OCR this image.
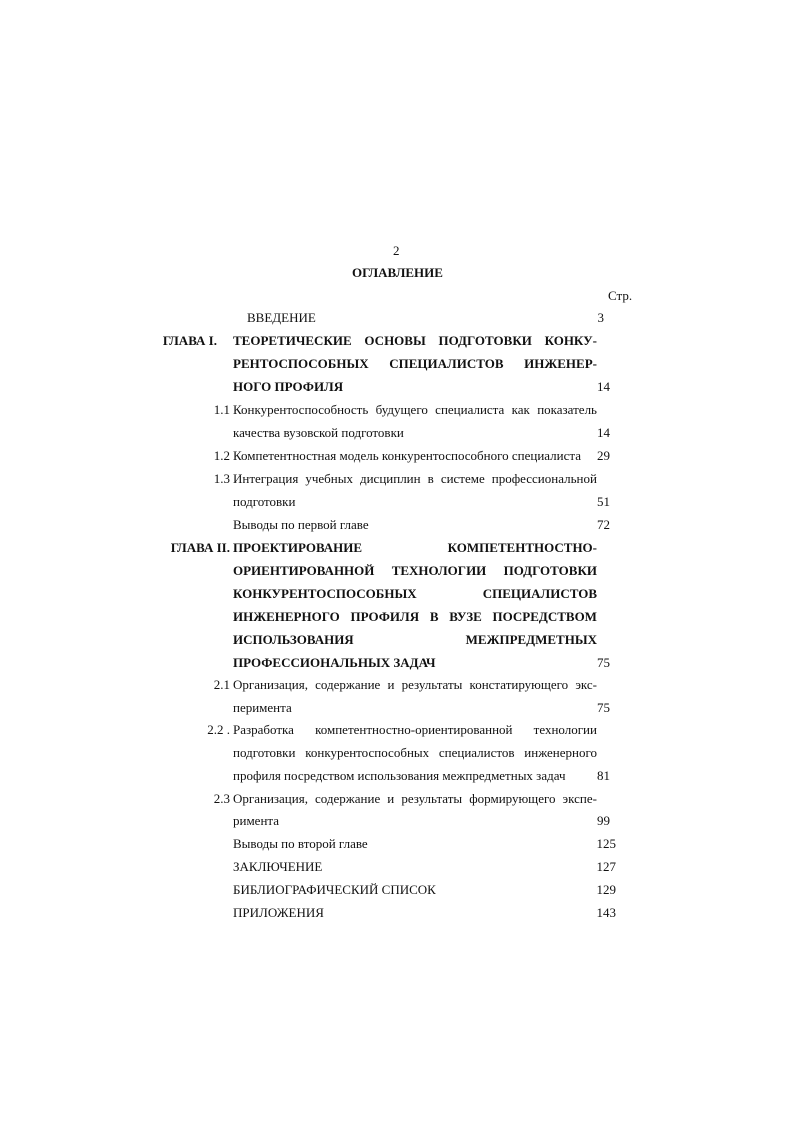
2
ОГЛАВЛЕНИЕ
Стр.
ВВЕДЕНИЕ	3
ГЛАВА I. ТЕОРЕТИЧЕСКИЕ ОСНОВЫ ПОДГОТОВКИ КОНКУ-
РЕНТОСПОСОБНЫХ СПЕЦИАЛИСТОВ ИНЖЕНЕР-
НОГО ПРОФИЛЯ	14
1.1 Конкурентоспособность будущего специалиста как показатель
качества вузовской подготовки	14
1.2 Компетентностная модель конкурентоспособного специалиста	29
1.3 Интеграция учебных дисциплин в системе профессиональной
подготовки	51
Выводы по первой главе	72
ГЛАВА II. ПРОЕКТИРОВАНИЕ	КОМПЕТЕНТНОСТНО-
ОРИЕНТИРОВАННОЙ ТЕХНОЛОГИИ ПОДГОТОВКИ
КОНКУРЕНТОСПОСОБНЫХ	СПЕЦИАЛИСТОВ
ИНЖЕНЕРНОГО ПРОФИЛЯ В ВУЗЕ ПОСРЕДСТВОМ
ИСПОЛЬЗОВАНИЯ	МЕЖПРЕДМЕТНЫХ
ПРОФЕССИОНАЛЬНЫХ ЗАДАЧ	75
2.1 Организация, содержание и результаты констатирующего экс-
перимента	75
2.2 . Разработка компетентностно-ориентированной технологии
подготовки конкурентоспособных специалистов инженерного
профиля посредством использования межпредметных задач	81
2.3 Организация, содержание и результаты формирующего экспе-
римента	99
Выводы по второй главе	125
ЗАКЛЮЧЕНИЕ	127
БИБЛИОГРАФИЧЕСКИЙ СПИСОК	129
ПРИЛОЖЕНИЯ	143
